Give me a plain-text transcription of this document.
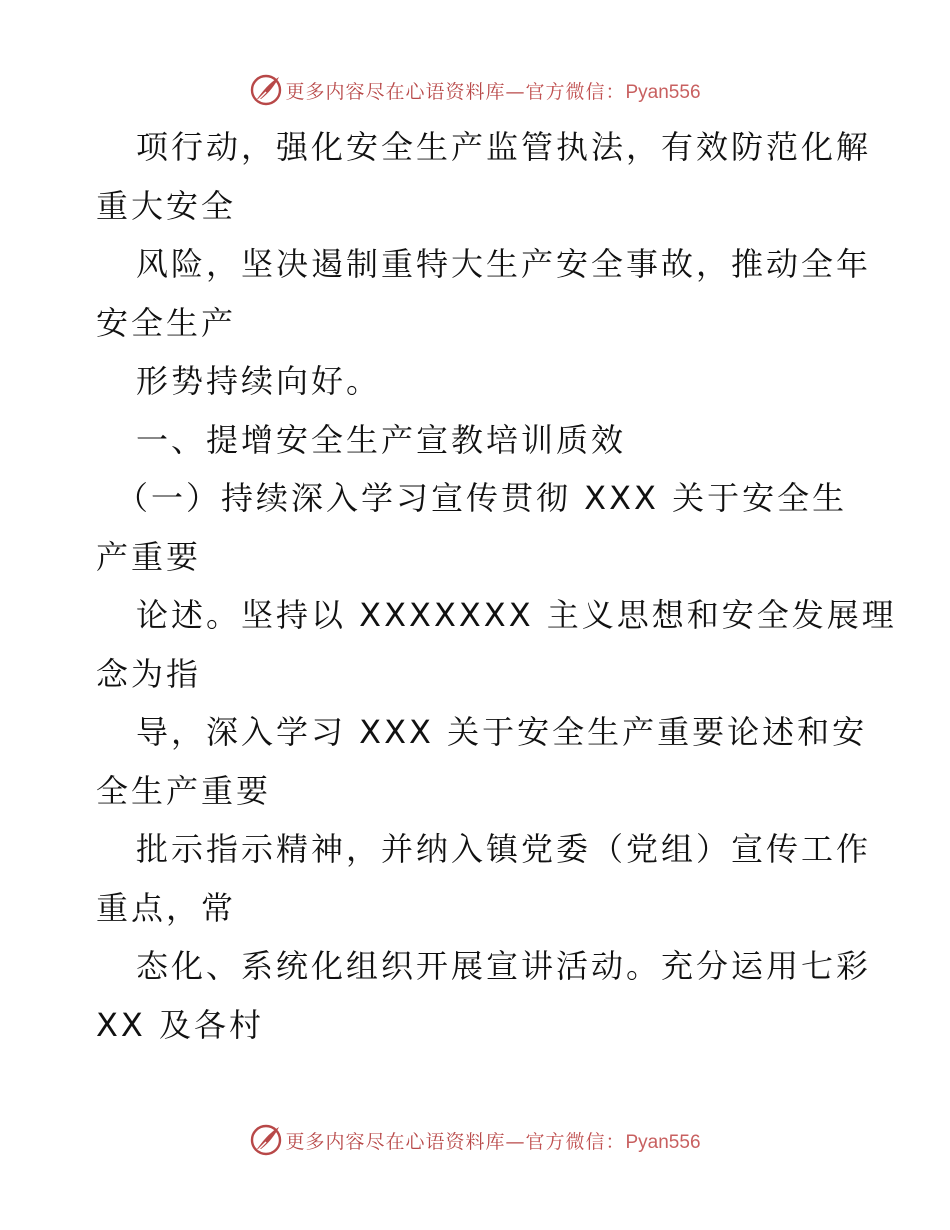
更多内容尽在心语资料库—官方微信：Pyan556
项行动，强化安全生产监管执法，有效防范化解
重大安全
风险，坚决遏制重特大生产安全事故，推动全年
安全生产
形势持续向好。
一、提增安全生产宣教培训质效
（一）持续深入学习宣传贯彻 XXX 关于安全生
产重要
论述。坚持以 XXXXXXX 主义思想和安全发展理
念为指
导，深入学习 XXX 关于安全生产重要论述和安
全生产重要
批示指示精神，并纳入镇党委（党组）宣传工作
重点，常
态化、系统化组织开展宣讲活动。充分运用七彩
XX 及各村
更多内容尽在心语资料库—官方微信：Pyan556
